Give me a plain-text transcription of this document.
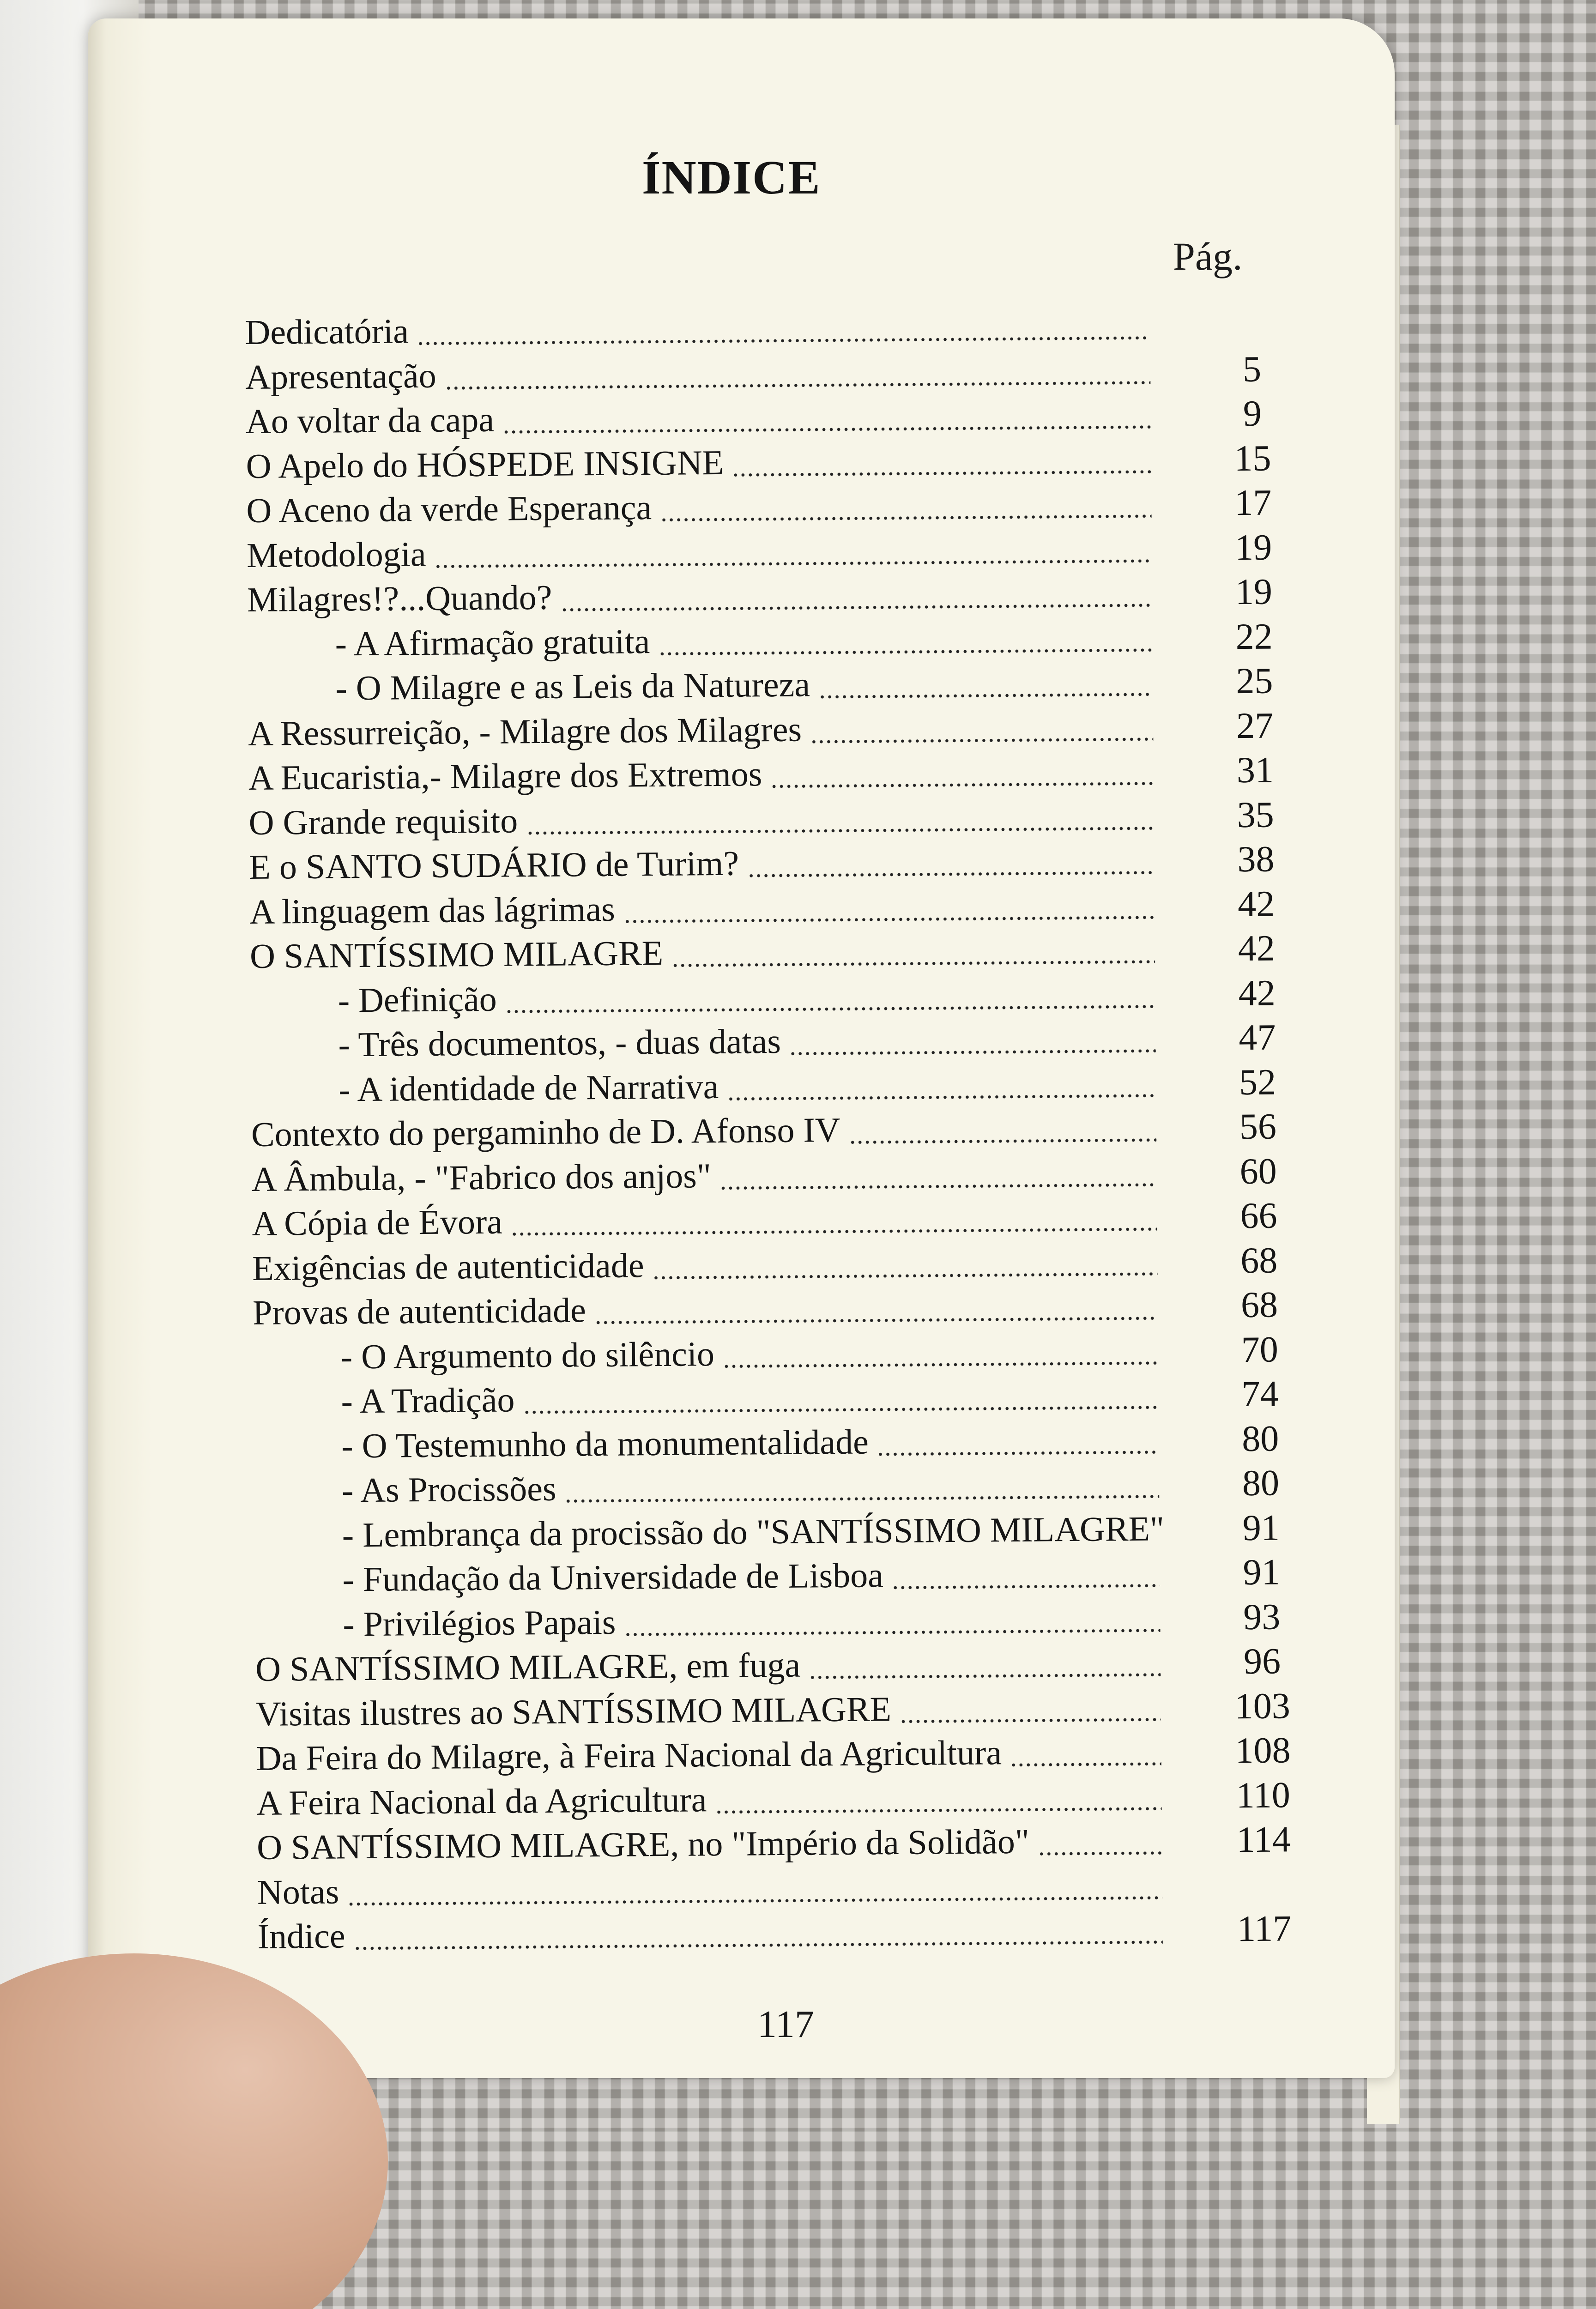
ÍNDICE
Pág.
Dedicatória
Apresentação	5
Ao voltar da capa	9
O Apelo do HÓSPEDE INSIGNE	15
O Aceno da verde Esperança	17
Metodologia	19
Milagres!?...Quando?	19
- A Afirmação gratuita	22
- O Milagre e as Leis da Natureza	25
A Ressurreição, - Milagre dos Milagres	27
A Eucaristia,- Milagre dos Extremos	31
O Grande requisito	35
E o SANTO SUDÁRIO de Turim?	38
A linguagem das lágrimas	42
O SANTÍSSIMO MILAGRE	42
- Definição	42
- Três documentos, - duas datas	47
- A identidade de Narrativa	52
Contexto do pergaminho de D. Afonso IV	56
A Âmbula, - "Fabrico dos anjos"	60
A Cópia de Évora	66
Exigências de autenticidade	68
Provas de autenticidade	68
- O Argumento do silêncio	70
- A Tradição	74
- O Testemunho da monumentalidade	80
- As Procissões	80
- Lembrança da procissão do "SANTÍSSIMO MILAGRE"	91
- Fundação da Universidade de Lisboa	91
- Privilégios Papais	93
O SANTÍSSIMO MILAGRE, em fuga	96
Visitas ilustres ao SANTÍSSIMO MILAGRE	103
Da Feira do Milagre, à Feira Nacional da Agricultura	108
A Feira Nacional da Agricultura	110
O SANTÍSSIMO MILAGRE, no "Império da Solidão"	114
Notas
Índice	117
117
